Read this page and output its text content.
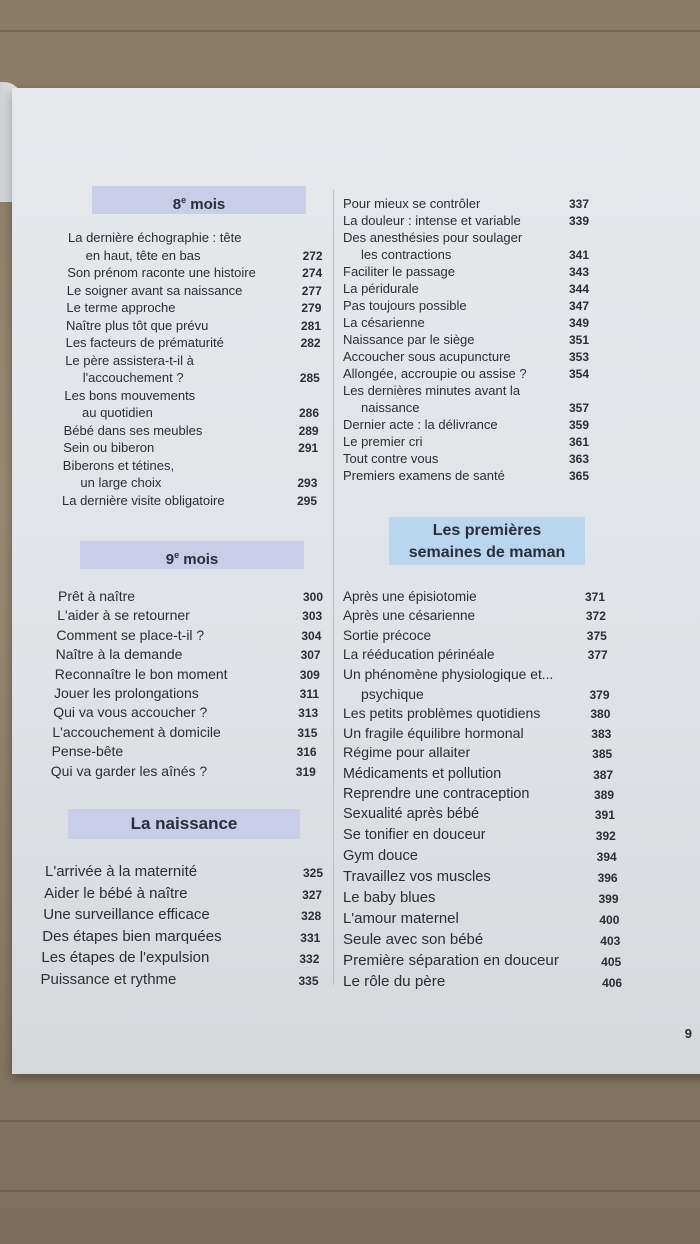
8e mois
La dernière échographie : tête
en haut, tête en bas	272
Son prénom raconte une histoire	274
Le soigner avant sa naissance	277
Le terme approche	279
Naître plus tôt que prévu	281
Les facteurs de prématurité	282
Le père assistera-t-il à
l'accouchement ?	285
Les bons mouvements
au quotidien	286
Bébé dans ses meubles	289
Sein ou biberon	291
Biberons et tétines,
un large choix	293
La dernière visite obligatoire	295
9e mois
Prêt à naître	300
L'aider à se retourner	303
Comment se place-t-il ?	304
Naître à la demande	307
Reconnaître le bon moment	309
Jouer les prolongations	311
Qui va vous accoucher ?	313
L'accouchement à domicile	315
Pense-bête	316
Qui va garder les aînés ?	319
La naissance
L'arrivée à la maternité	325
Aider le bébé à naître	327
Une surveillance efficace	328
Des étapes bien marquées	331
Les étapes de l'expulsion	332
Puissance et rythme	335
Pour mieux se contrôler	337
La douleur : intense et variable	339
Des anesthésies pour soulager
les contractions	341
Faciliter le passage	343
La péridurale	344
Pas toujours possible	347
La césarienne	349
Naissance par le siège	351
Accoucher sous acupuncture	353
Allongée, accroupie ou assise ?	354
Les dernières minutes avant la
naissance	357
Dernier acte : la délivrance	359
Le premier cri	361
Tout contre vous	363
Premiers examens de santé	365
Les premières
semaines de maman
Après une épisiotomie	371
Après une césarienne	372
Sortie précoce	375
La rééducation périnéale	377
Un phénomène physiologique et...
psychique	379
Les petits problèmes quotidiens	380
Un fragile équilibre hormonal	383
Régime pour allaiter	385
Médicaments et pollution	387
Reprendre une contraception	389
Sexualité après bébé	391
Se tonifier en douceur	392
Gym douce	394
Travaillez vos muscles	396
Le baby blues	399
L'amour maternel	400
Seule avec son bébé	403
Première séparation en douceur	405
Le rôle du père	406
9
